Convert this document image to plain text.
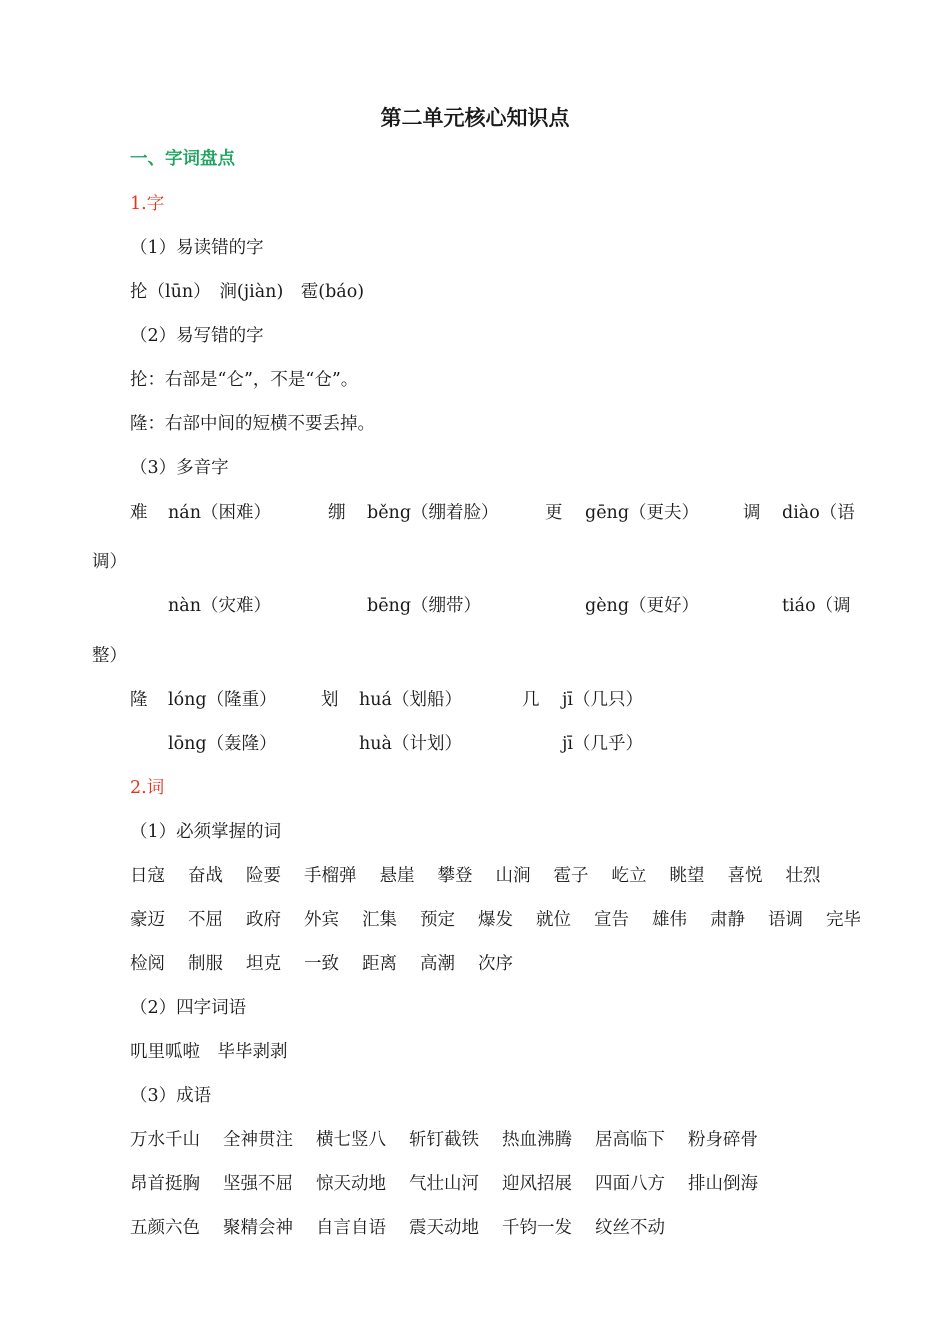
第二单元核心知识点
一、字词盘点
1.字
（1）易读错的字
抡（lūn）　涧(jiàn)　雹(báo)
（2）易写错的字
抡：右部是“仑”，不是“仓”。
隆：右部中间的短横不要丢掉。
（3）多音字
难 nán（困难）	绷 běng（绷着脸）	更 gēng（更夫）	调 diào（语
调）
nàn（灾难）	bēng（绷带）	gèng（更好）	tiáo（调
整）
隆 lóng（隆重）	划 huá（划船）	几 jī（几只）
lōng（轰隆）	huà（计划）	jī（几乎）
2.词
（1）必须掌握的词
日寇 奋战 险要 手榴弹 悬崖 攀登 山涧 雹子 屹立 眺望 喜悦 壮烈
豪迈 不屈 政府 外宾 汇集 预定 爆发 就位 宣告 雄伟 肃静 语调 完毕
检阅 制服 坦克 一致 距离 高潮 次序
（2）四字词语
叽里呱啦　毕毕剥剥
（3）成语
万水千山 全神贯注 横七竖八 斩钉截铁 热血沸腾 居高临下 粉身碎骨
昂首挺胸 坚强不屈 惊天动地 气壮山河 迎风招展 四面八方 排山倒海
五颜六色 聚精会神 自言自语 震天动地 千钧一发 纹丝不动
